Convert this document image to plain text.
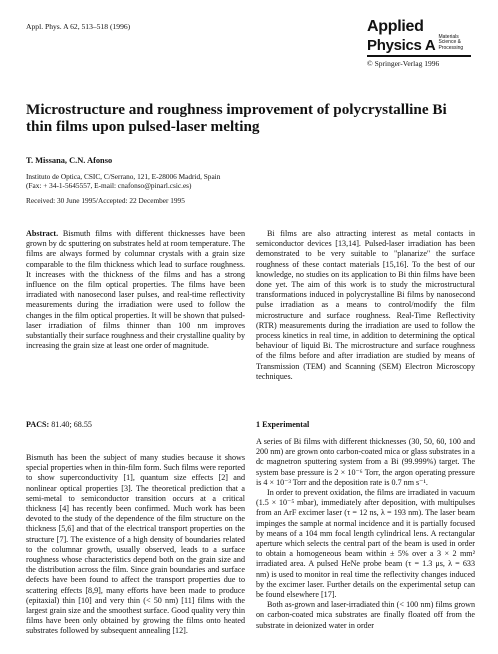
Appl. Phys. A 62, 513–518 (1996)	Applied
Physics A
Materials
Science &
Processing
© Springer-Verlag 1996
Microstructure and roughness improvement of polycrystalline Bi thin films upon pulsed-laser melting
T. Missana, C.N. Afonso
Instituto de Optica, CSIC, C/Serrano, 121, E-28006 Madrid, Spain
(Fax: + 34-1-5645557, E-mail: cnafonso@pinarl.csic.es)
Received: 30 June 1995/Accepted: 22 December 1995

Abstract. Bismuth films with different thicknesses have been grown by dc sputtering on substrates held at room temperature. The films are always formed by columnar crystals with a grain size comparable to the film thickness which lead to surface roughness. It increases with the thickness of the films and has a strong influence on the film optical properties. The films have been irradiated with nanosecond laser pulses, and real-time reflectivity measurements during the irradiation were used to follow the changes in the film optical properties. It will be shown that pulsed-laser irradiation of films thinner than 100 nm improves substantially their surface roughness and their crystalline quality by increasing the grain size at least one order of magnitude.

PACS: 81.40; 68.55

Bismuth has been the subject of many studies because it shows special properties when in thin-film form. Such films were reported to show superconductivity [1], quantum size effects [2] and nonlinear optical properties [3]. The theoretical prediction that a semi-metal to semiconductor transition occurs at a critical thickness [4] has recently been confirmed. Much work has been devoted to the study of the dependence of the film structure on the thickness [5,6] and that of the electrical transport properties on the structure [7]. The existence of a high density of boundaries related to the columnar growth, usually observed, leads to a surface roughness whose characteristics depend both on the grain size and the distribution across the film. Since grain boundaries and surface defects have been found to affect the transport properties due to scattering effects [8,9], many efforts have been made to produce (epitaxial) thin [10] and very thin (< 50 nm) [11] films with the largest grain size and the smoothest surface. Good quality very thin films have been only obtained by growing the films onto heated substrates followed by subsequent annealing [12].

Bi films are also attracting interest as metal contacts in semiconductor devices [13,14]. Pulsed-laser irradiation has been demonstrated to be very suitable to "planarize" the surface roughness of these contact materials [15,16]. To the best of our knowledge, no studies on its application to Bi thin films have been done yet. The aim of this work is to study the microstructural transformations induced in polycrystalline Bi films by nanosecond pulse irradiation as a means to control/modify the film microstructure and surface roughness. Real-Time Reflectivity (RTR) measurements during the irradiation are used to follow the process kinetics in real time, in addition to determining the optical behaviour of liquid Bi. The microstructure and surface roughness of the films before and after irradiation are studied by means of Transmission (TEM) and Scanning (SEM) Electron Microscopy techniques.

1 Experimental

A series of Bi films with different thicknesses (30, 50, 60, 100 and 200 nm) are grown onto carbon-coated mica or glass substrates in a dc magnetron sputtering system from a Bi (99.999%) target. The system base pressure is 2 × 10⁻⁶ Torr, the argon operating pressure is 4 × 10⁻³ Torr and the deposition rate is 0.7 nm s⁻¹.

In order to prevent oxidation, the films are irradiated in vacuum (1.5 × 10⁻⁵ mbar), immediately after deposition, with multipulses from an ArF excimer laser (τ = 12 ns, λ = 193 nm). The laser beam impinges the sample at normal incidence and it is partially focused by means of a 104 mm focal length cylindrical lens. A rectangular aperture which selects the central part of the beam is used in order to obtain a homogeneous beam within ± 5% over a 3 × 2 mm² irradiated area. A pulsed HeNe probe beam (τ = 1.3 μs, λ = 633 nm) is used to monitor in real time the reflectivity changes induced by the excimer laser. Further details on the experimental setup can be found elsewhere [17].

Both as-grown and laser-irradiated thin (< 100 nm) films grown on carbon-coated mica substrates are finally floated off from the substrate in deionized water in order
